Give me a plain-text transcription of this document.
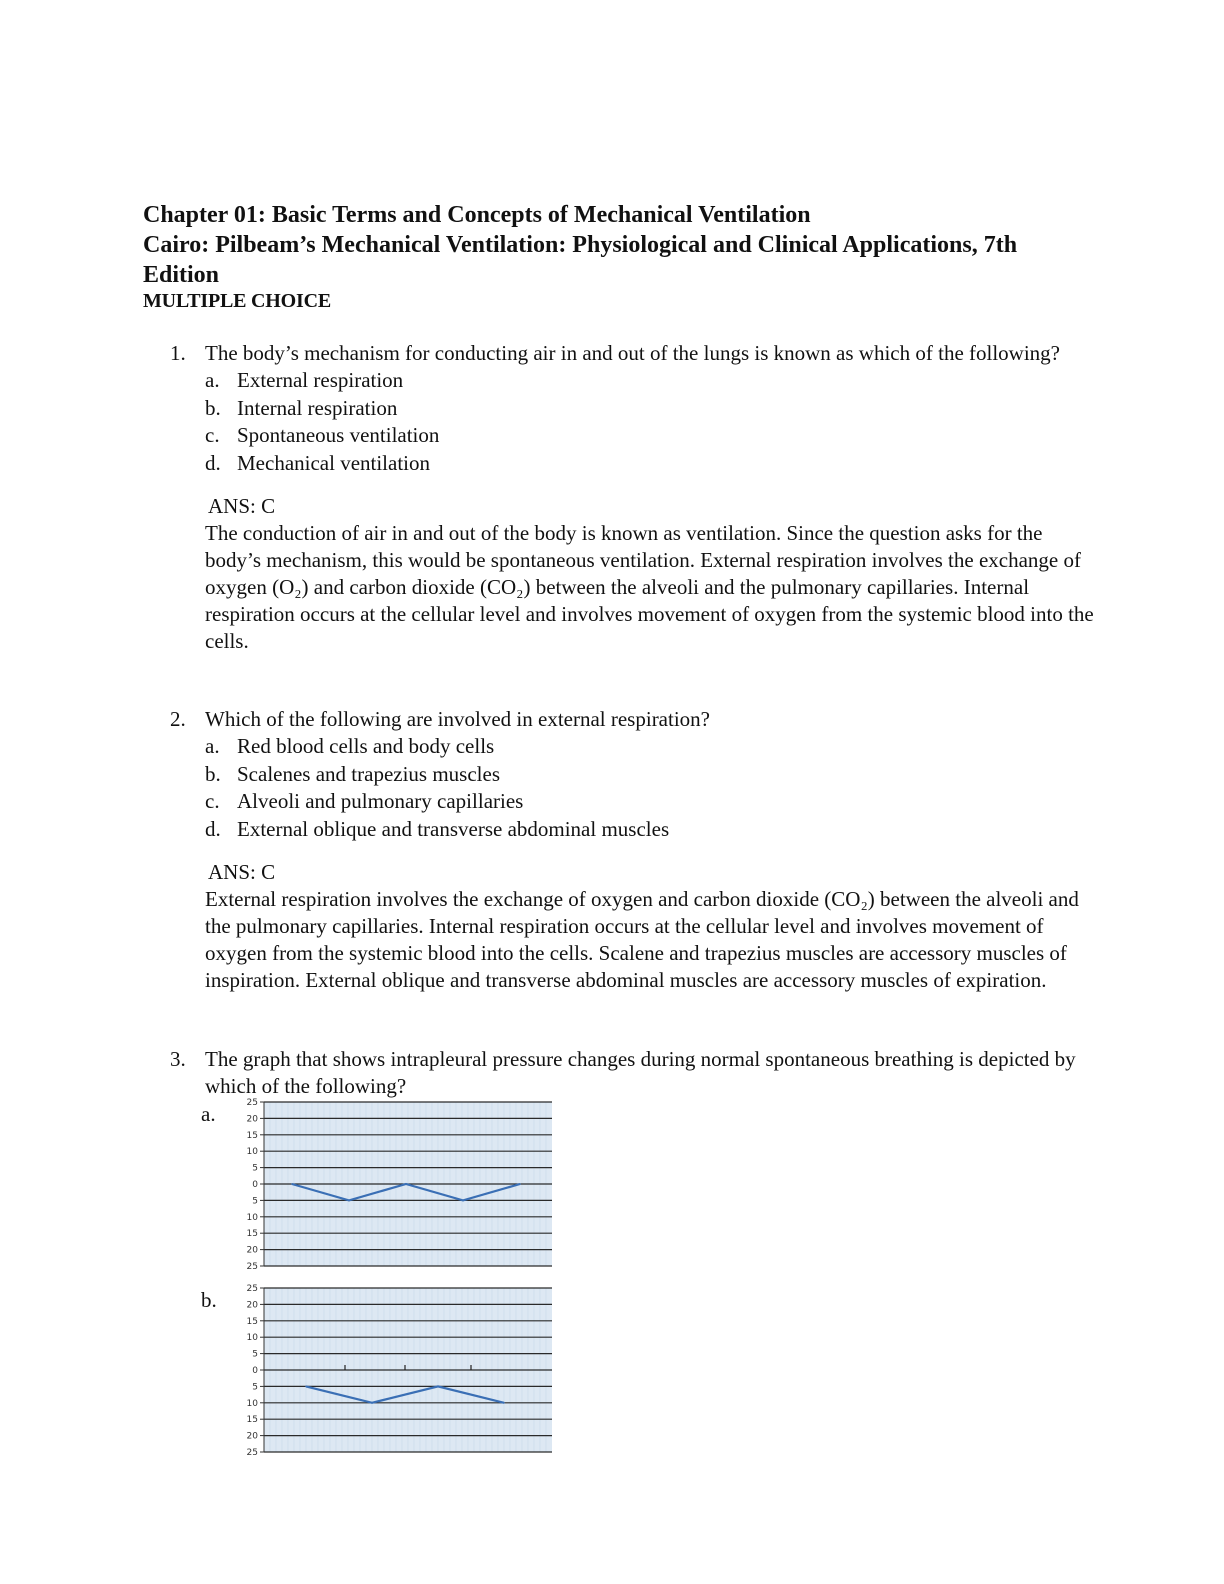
Chapter 01: Basic Terms and Concepts of Mechanical Ventilation
Cairo: Pilbeam’s Mechanical Ventilation: Physiological and Clinical Applications, 7th
Edition
MULTIPLE CHOICE
1. The body’s mechanism for conducting air in and out of the lungs is known as which of the following?
a. External respiration
b. Internal respiration
c. Spontaneous ventilation
d. Mechanical ventilation
ANS: C
The conduction of air in and out of the body is known as ventilation. Since the question asks for the body’s mechanism, this would be spontaneous ventilation. External respiration involves the exchange of oxygen (O₂) and carbon dioxide (CO₂) between the alveoli and the pulmonary capillaries. Internal respiration occurs at the cellular level and involves movement of oxygen from the systemic blood into the cells.
2. Which of the following are involved in external respiration?
a. Red blood cells and body cells
b. Scalenes and trapezius muscles
c. Alveoli and pulmonary capillaries
d. External oblique and transverse abdominal muscles
ANS: C
External respiration involves the exchange of oxygen and carbon dioxide (CO₂) between the alveoli and the pulmonary capillaries. Internal respiration occurs at the cellular level and involves movement of oxygen from the systemic blood into the cells. Scalene and trapezius muscles are accessory muscles of inspiration. External oblique and transverse abdominal muscles are accessory muscles of expiration.
3. The graph that shows intrapleural pressure changes during normal spontaneous breathing is depicted by which of the following?
a.
b.
25
20
15
10
5
0
5
10
15
20
25
25
20
15
10
5
0
5
10
15
20
25
